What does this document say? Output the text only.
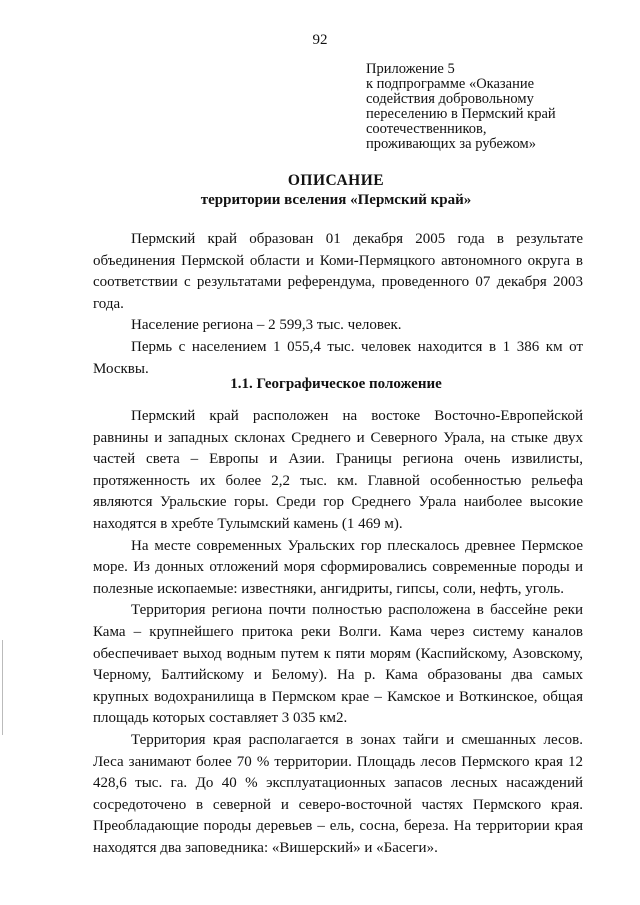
92
Приложение 5
к подпрограмме «Оказание
содействия добровольному
переселению в Пермский край
соотечественников,
проживающих за рубежом»
ОПИСАНИЕ
территории вселения «Пермский край»

Пермский край образован 01 декабря 2005 года в результате объединения Пермской области и Коми-Пермяцкого автономного округа в соответствии с результатами референдума, проведенного 07 декабря 2003 года.

Население региона – 2 599,3 тыс. человек.

Пермь с населением 1 055,4 тыс. человек находится в 1 386 км от Москвы.

1.1. Географическое положение

Пермский край расположен на востоке Восточно-Европейской равнины и западных склонах Среднего и Северного Урала, на стыке двух частей света – Европы и Азии. Границы региона очень извилисты, протяженность их более 2,2 тыс. км. Главной особенностью рельефа являются Уральские горы. Среди гор Среднего Урала наиболее высокие находятся в хребте Тулымский камень (1 469 м).

На месте современных Уральских гор плескалось древнее Пермское море. Из донных отложений моря сформировались современные породы и полезные ископаемые: известняки, ангидриты, гипсы, соли, нефть, уголь.

Территория региона почти полностью расположена в бассейне реки Кама – крупнейшего притока реки Волги. Кама через систему каналов обеспечивает выход водным путем к пяти морям (Каспийскому, Азовскому, Черному, Балтийскому и Белому). На р. Кама образованы два самых крупных водохранилища в Пермском крае – Камское и Воткинское, общая площадь которых составляет 3 035 км2.

Территория края располагается в зонах тайги и смешанных лесов. Леса занимают более 70 % территории. Площадь лесов Пермского края 12 428,6 тыс. га. До 40 % эксплуатационных запасов лесных насаждений сосредоточено в северной и северо-восточной частях Пермского края. Преобладающие породы деревьев – ель, сосна, береза. На территории края находятся два заповедника: «Вишерский» и «Басеги».
